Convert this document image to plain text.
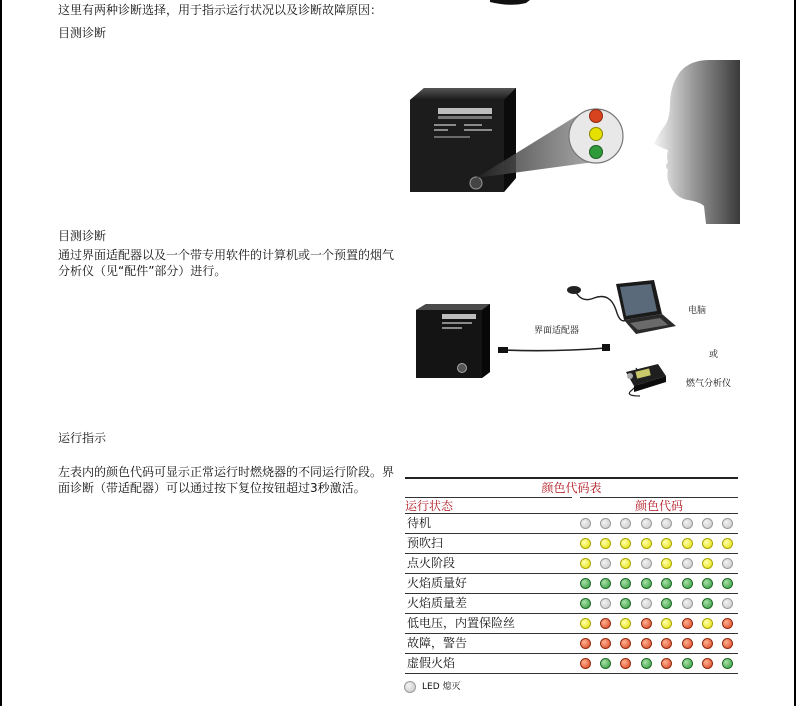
这里有两种诊断选择，用于指示运行状况以及诊断故障原因：
目测诊断
目测诊断
通过界面适配器以及一个带专用软件的计算机或一个预置的烟气分析仪（见“配件”部分）进行。
界面适配器
电脑
或
燃气分析仪
运行指示
左表内的颜色代码可显示正常运行时燃烧器的不同运行阶段。界面诊断（带适配器）可以通过按下复位按钮超过3秒激活。	颜色代码表
运行状态	颜色代码
待机
预吹扫
点火阶段
火焰质量好
火焰质量差
低电压，内置保险丝
故障，警告
虚假火焰
LED 熄灭
